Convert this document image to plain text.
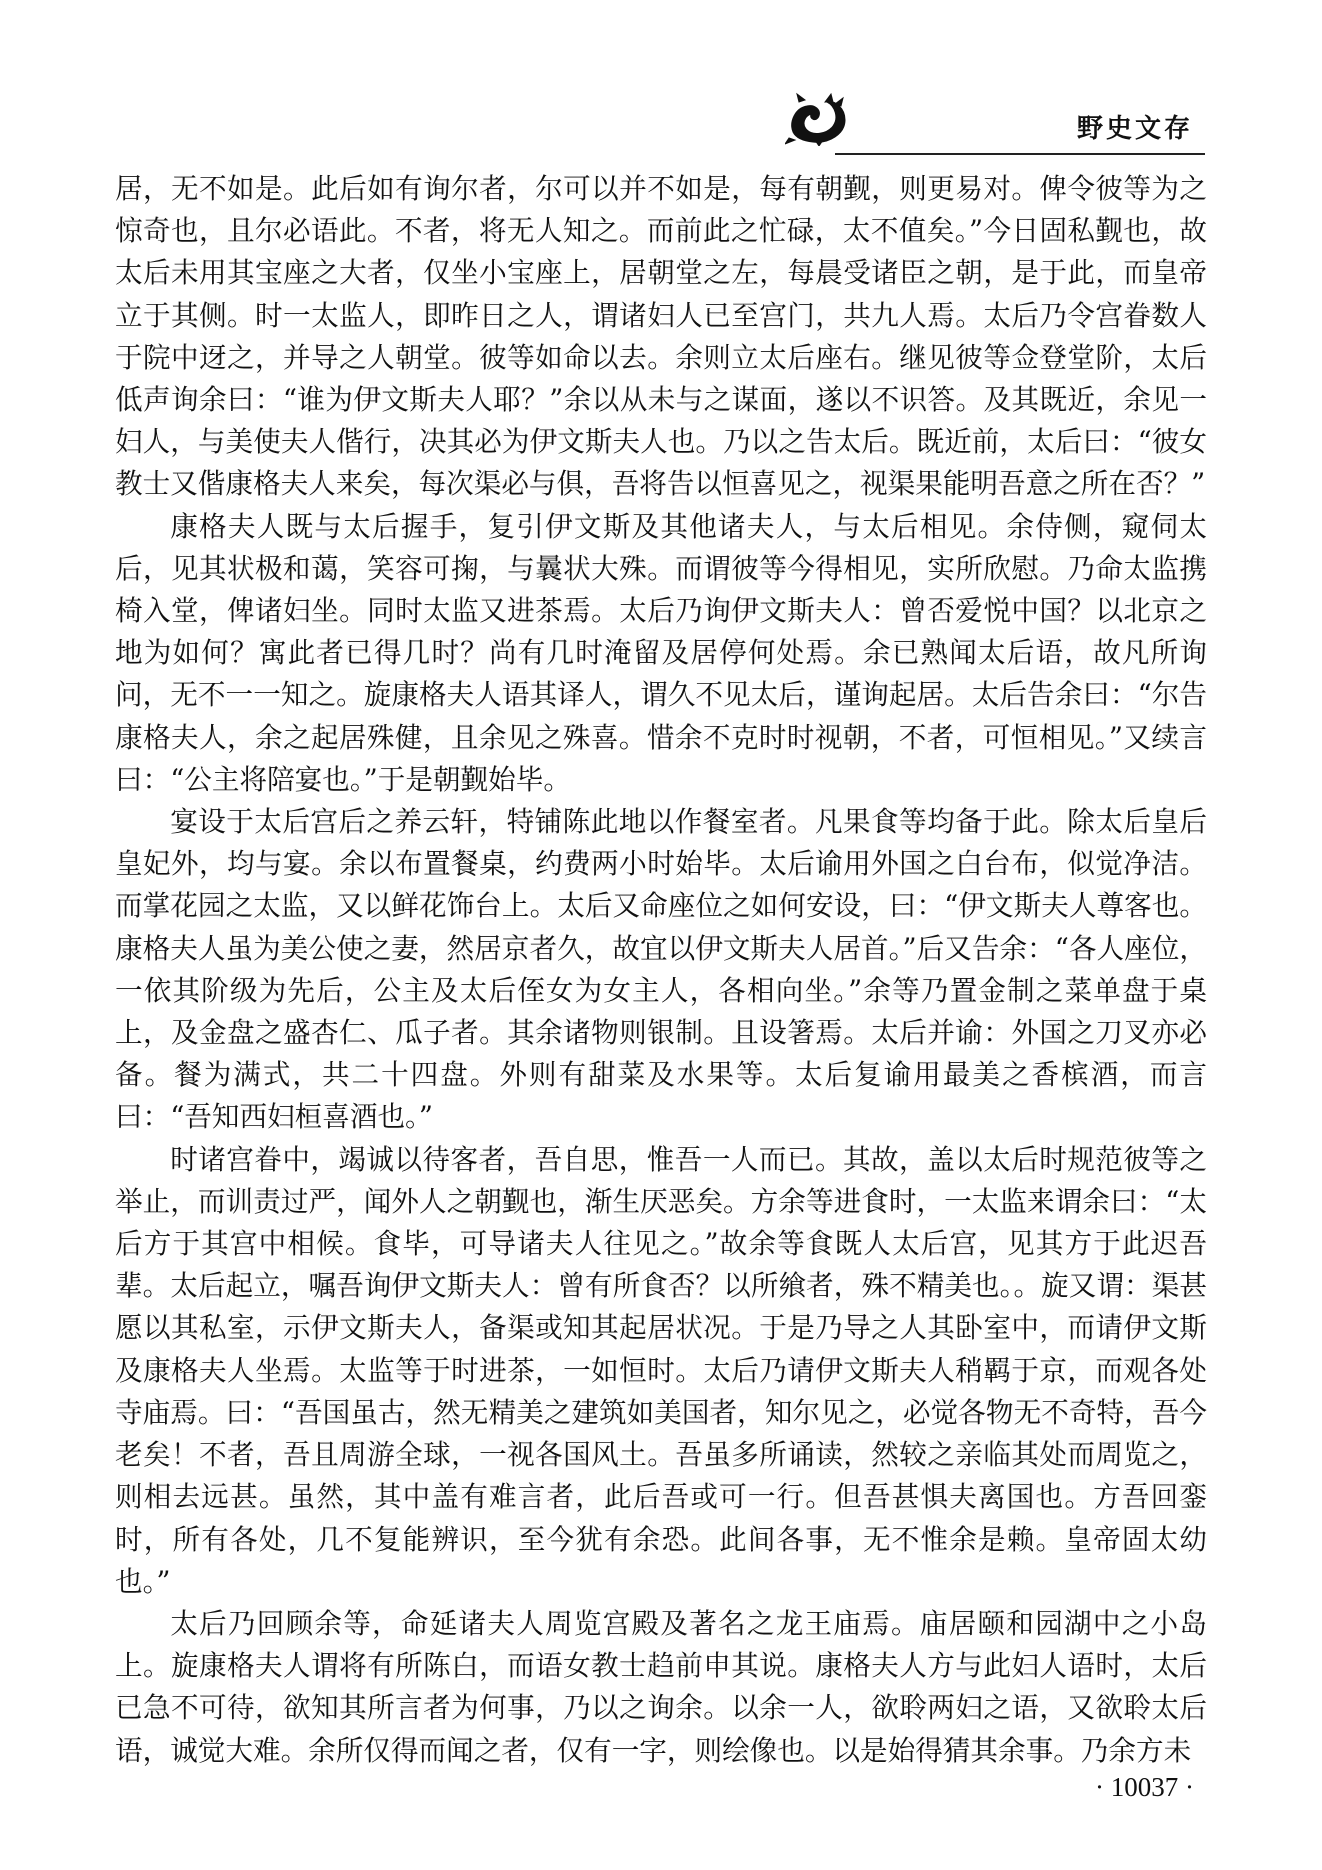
野史文存

居，无不如是。此后如有询尔者，尔可以并不如是，每有朝觐，则更易对。俾令彼等为之惊奇也，且尔必语此。不者，将无人知之。而前此之忙碌，太不值矣。”今日固私觐也，故太后未用其宝座之大者，仅坐小宝座上，居朝堂之左，每晨受诸臣之朝，是于此，而皇帝立于其侧。时一太监人，即昨日之人，谓诸妇人已至宫门，共九人焉。太后乃令宫眷数人于院中迓之，并导之人朝堂。彼等如命以去。余则立太后座右。继见彼等佥登堂阶，太后低声询余曰：“谁为伊文斯夫人耶？”余以从未与之谋面，遂以不识答。及其既近，余见一妇人，与美使夫人偕行，决其必为伊文斯夫人也。乃以之告太后。既近前，太后曰：“彼女教士又偕康格夫人来矣，每次渠必与俱，吾将告以恒喜见之，视渠果能明吾意之所在否？”

康格夫人既与太后握手，复引伊文斯及其他诸夫人，与太后相见。余侍侧，窥伺太后，见其状极和蔼，笑容可掬，与曩状大殊。而谓彼等今得相见，实所欣慰。乃命太监携椅入堂，俾诸妇坐。同时太监又进茶焉。太后乃询伊文斯夫人：曾否爱悦中国？以北京之地为如何？寓此者已得几时？尚有几时淹留及居停何处焉。余已熟闻太后语，故凡所询问，无不一一知之。旋康格夫人语其译人，谓久不见太后，谨询起居。太后告余曰：“尔告康格夫人，余之起居殊健，且余见之殊喜。惜余不克时时视朝，不者，可恒相见。”又续言曰：“公主将陪宴也。”于是朝觐始毕。

宴设于太后宫后之养云轩，特铺陈此地以作餐室者。凡果食等均备于此。除太后皇后皇妃外，均与宴。余以布置餐桌，约费两小时始毕。太后谕用外国之白台布，似觉净洁。而掌花园之太监，又以鲜花饰台上。太后又命座位之如何安设，曰：“伊文斯夫人尊客也。康格夫人虽为美公使之妻，然居京者久，故宜以伊文斯夫人居首。”后又告余：“各人座位，一依其阶级为先后，公主及太后侄女为女主人，各相向坐。”余等乃置金制之菜单盘于桌上，及金盘之盛杏仁、瓜子者。其余诸物则银制。且设箸焉。太后并谕：外国之刀叉亦必备。餐为满式，共二十四盘。外则有甜菜及水果等。太后复谕用最美之香槟酒，而言曰：“吾知西妇桓喜酒也。”

时诸宫眷中，竭诚以待客者，吾自思，惟吾一人而已。其故，盖以太后时规范彼等之举止，而训责过严，闻外人之朝觐也，渐生厌恶矣。方余等进食时，一太监来谓余曰：“太后方于其宫中相候。食毕，可导诸夫人往见之。”故余等食既人太后宫，见其方于此迟吾辈。太后起立，嘱吾询伊文斯夫人：曾有所食否？以所飨者，殊不精美也。。旋又谓：渠甚愿以其私室，示伊文斯夫人，备渠或知其起居状况。于是乃导之人其卧室中，而请伊文斯及康格夫人坐焉。太监等于时进茶，一如恒时。太后乃请伊文斯夫人稍羁于京，而观各处寺庙焉。曰：“吾国虽古，然无精美之建筑如美国者，知尔见之，必觉各物无不奇特，吾今老矣！不者，吾且周游全球，一视各国风土。吾虽多所诵读，然较之亲临其处而周览之，则相去远甚。虽然，其中盖有难言者，此后吾或可一行。但吾甚惧夫离国也。方吾回銮时，所有各处，几不复能辨识，至今犹有余恐。此间各事，无不惟余是赖。皇帝固太幼也。”

太后乃回顾余等，命延诸夫人周览宫殿及著名之龙王庙焉。庙居颐和园湖中之小岛上。旋康格夫人谓将有所陈白，而语女教士趋前申其说。康格夫人方与此妇人语时，太后已急不可待，欲知其所言者为何事，乃以之询余。以余一人，欲聆两妇之语，又欲聆太后语，诚觉大难。余所仅得而闻之者，仅有一字，则绘像也。以是始得猜其余事。乃余方未

· 10037 ·
